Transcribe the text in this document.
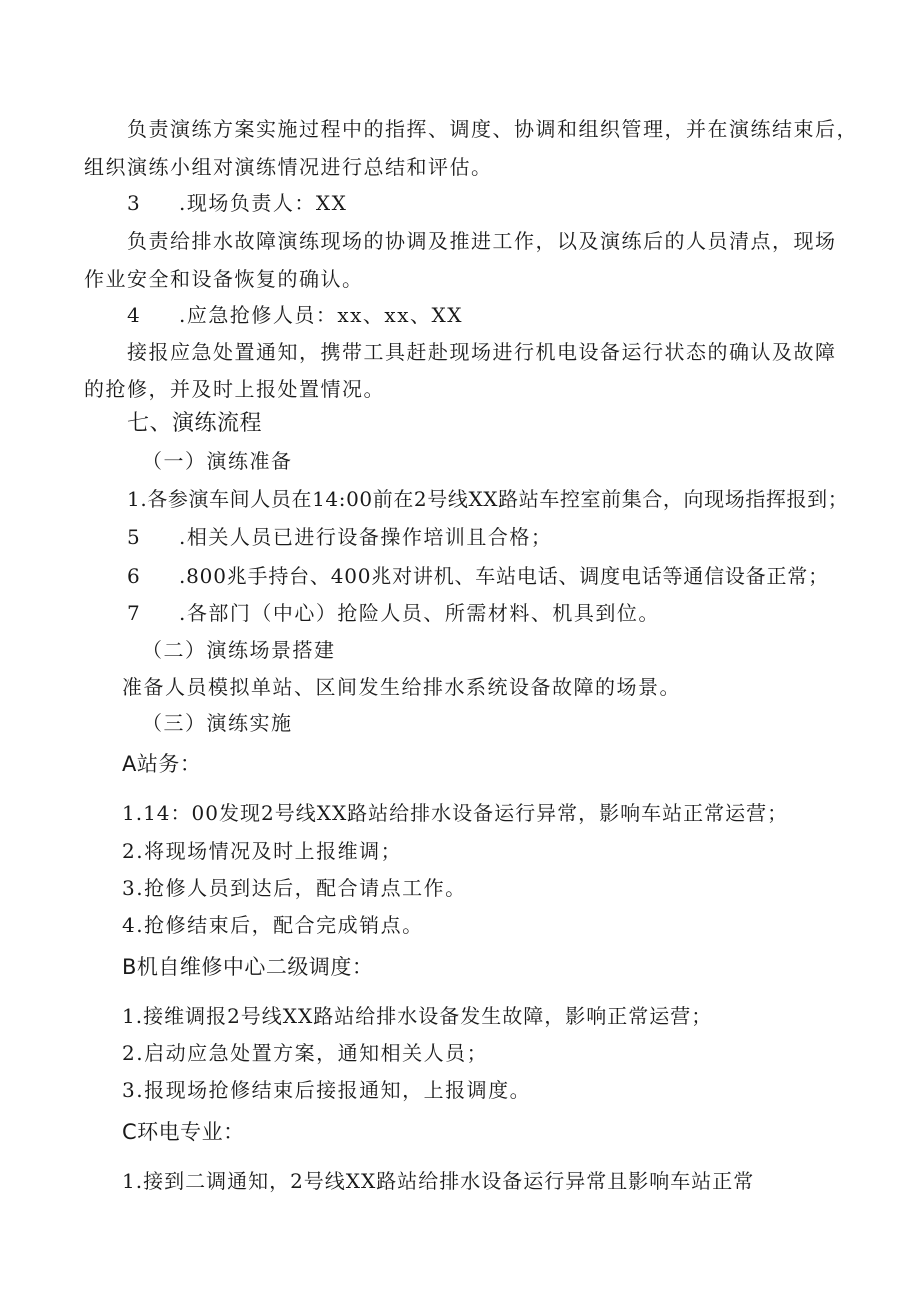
负责演练方案实施过程中的指挥、调度、协调和组织管理，并在演练结束后，
组织演练小组对演练情况进行总结和评估。
3 .现场负责人：XX
负责给排水故障演练现场的协调及推进工作，以及演练后的人员清点，现场
作业安全和设备恢复的确认。
4 .应急抢修人员：xx、xx、XX
接报应急处置通知，携带工具赶赴现场进行机电设备运行状态的确认及故障
的抢修，并及时上报处置情况。
七、演练流程
（一）演练准备
1.各参演车间人员在14:00前在2号线XX路站车控室前集合，向现场指挥报到；
5 .相关人员已进行设备操作培训且合格；
6 .800兆手持台、400兆对讲机、车站电话、调度电话等通信设备正常；
7 .各部门（中心）抢险人员、所需材料、机具到位。
（二）演练场景搭建
准备人员模拟单站、区间发生给排水系统设备故障的场景。
（三）演练实施
A站务：
1.14：00发现2号线XX路站给排水设备运行异常，影响车站正常运营；
2.将现场情况及时上报维调；
3.抢修人员到达后，配合请点工作。
4.抢修结束后，配合完成销点。
B机自维修中心二级调度：
1.接维调报2号线XX路站给排水设备发生故障，影响正常运营；
2.启动应急处置方案，通知相关人员；
3.报现场抢修结束后接报通知，上报调度。
C环电专业：
1.接到二调通知，2号线XX路站给排水设备运行异常且影响车站正常
